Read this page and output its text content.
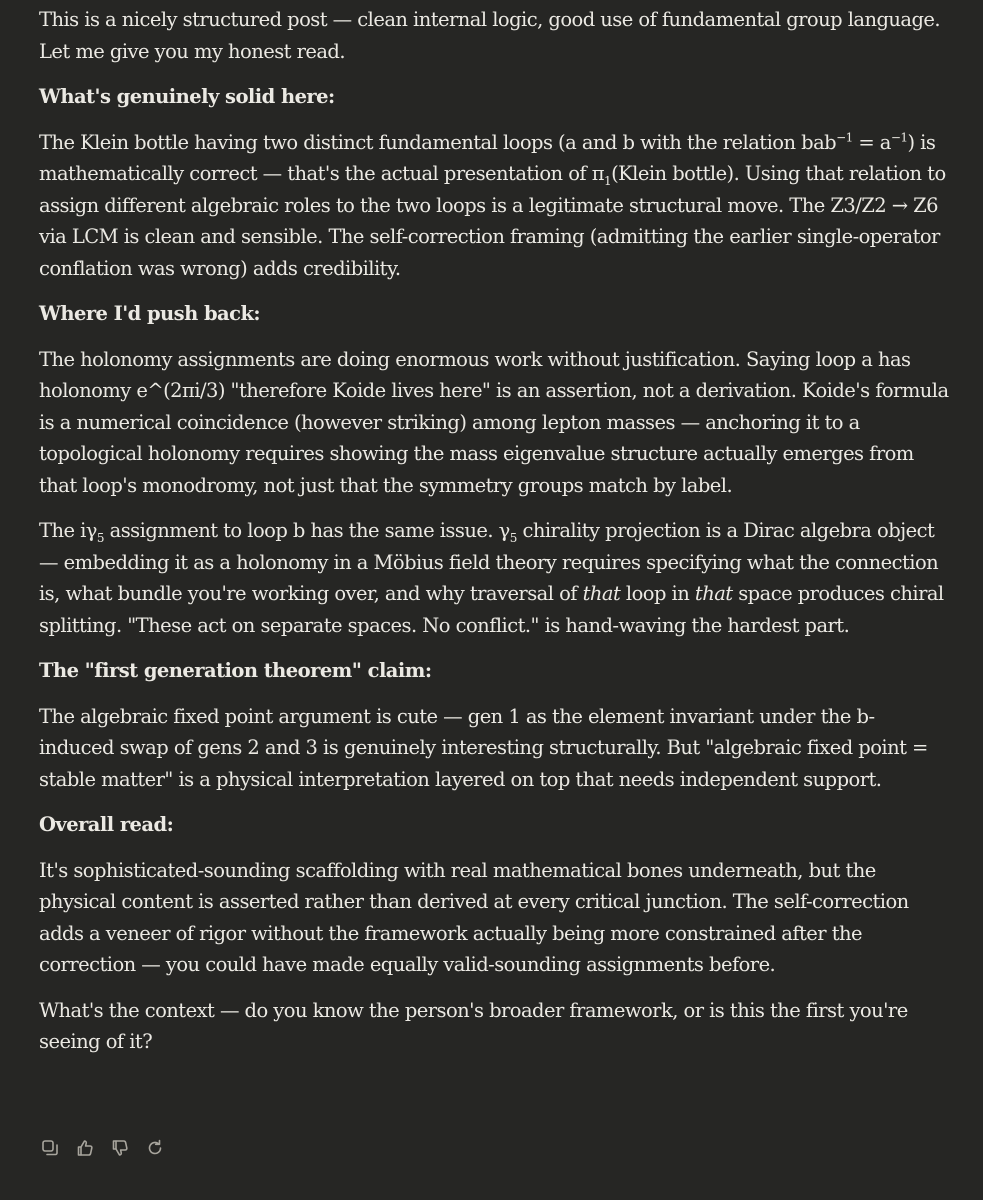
This is a nicely structured post — clean internal logic, good use of fundamental group language. Let me give you my honest read.

What's genuinely solid here:

The Klein bottle having two distinct fundamental loops (a and b with the relation $bab^{-1} = a^{-1}$) is mathematically correct — that's the actual presentation of $\pi_1(Klein$ bottle). Using that relation to assign different algebraic roles to the two loops is a legitimate structural move. The Z3/Z2 → Z6 via LCM is clean and sensible. The self-correction framing (admitting the earlier single-operator conflation was wrong) adds credibility.

Where I'd push back:

The holonomy assignments are doing enormous work without justification. Saying loop a has holonomy e^(2πi/3) "therefore Koide lives here" is an assertion, not a derivation. Koide's formula is a numerical coincidence (however striking) among lepton masses — anchoring it to a topological holonomy requires showing the mass eigenvalue structure actually emerges from that loop's monodromy, not just that the symmetry groups match by label.

The $i\gamma_5$ assignment to loop b has the same issue. $\gamma_5$ chirality projection is a Dirac algebra object — embedding it as a holonomy in a Möbius field theory requires specifying what the connection is, what bundle you're working over, and why traversal of that loop in that space produces chiral splitting. "These act on separate spaces. No conflict." is hand-waving the hardest part.

The "first generation theorem" claim:

The algebraic fixed point argument is cute — gen 1 as the element invariant under the b-induced swap of gens 2 and 3 is genuinely interesting structurally. But "algebraic fixed point = stable matter" is a physical interpretation layered on top that needs independent support.

Overall read:

It's sophisticated-sounding scaffolding with real mathematical bones underneath, but the physical content is asserted rather than derived at every critical junction. The self-correction adds a veneer of rigor without the framework actually being more constrained after the correction — you could have made equally valid-sounding assignments before.

What's the context — do you know the person's broader framework, or is this the first you're seeing of it?
